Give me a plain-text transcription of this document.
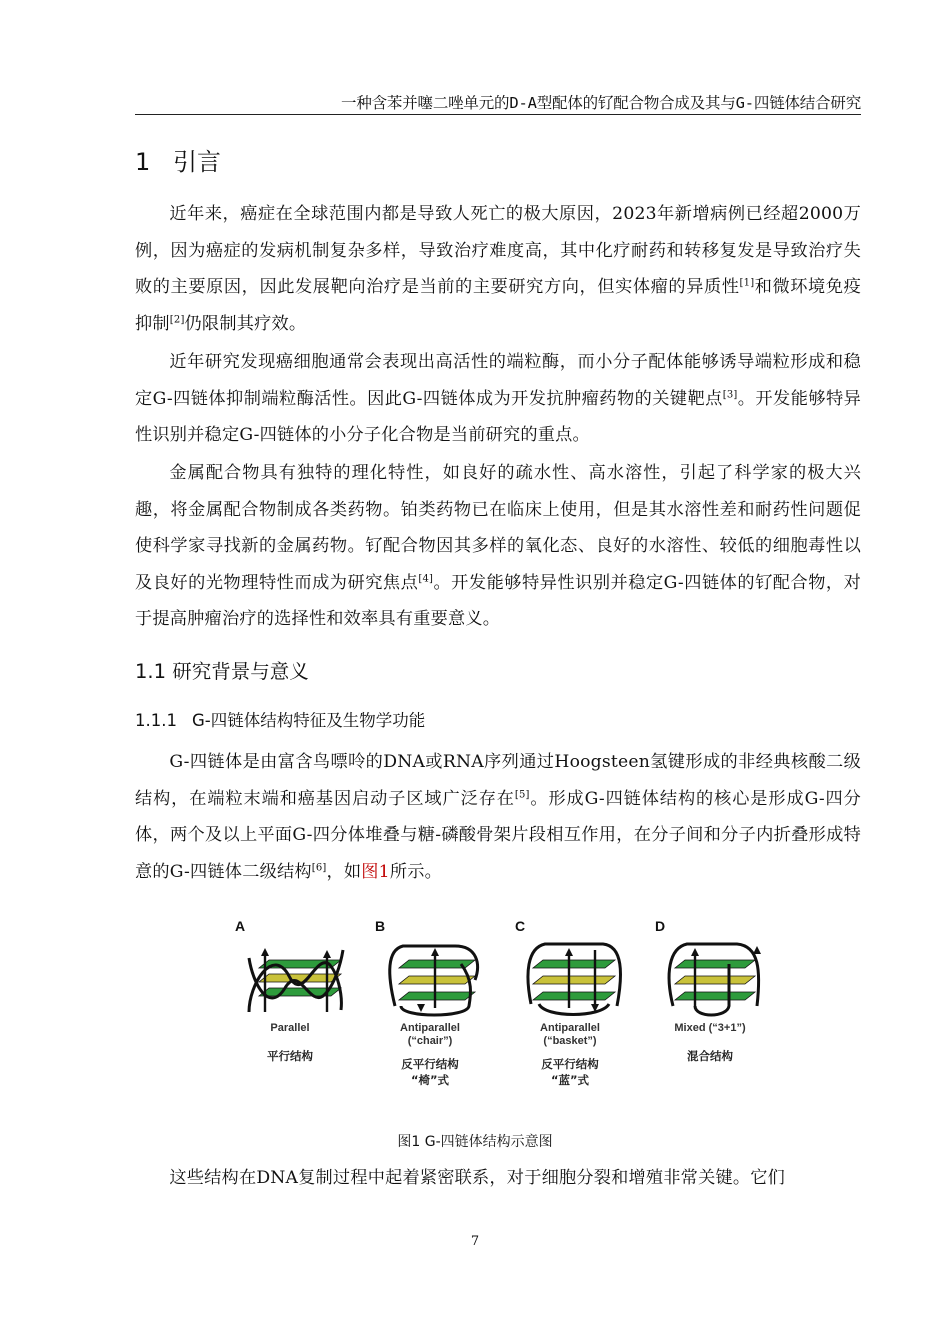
一种含苯并噻二唑单元的D-A型配体的钌配合物合成及其与G-四链体结合研究
1 引言
近年来，癌症在全球范围内都是导致人死亡的极大原因，2023年新增病例已经超2000万例，因为癌症的发病机制复杂多样，导致治疗难度高，其中化疗耐药和转移复发是导致治疗失败的主要原因，因此发展靶向治疗是当前的主要研究方向，但实体瘤的异质性[1]和微环境免疫抑制[2]仍限制其疗效。
近年研究发现癌细胞通常会表现出高活性的端粒酶，而小分子配体能够诱导端粒形成和稳定G-四链体抑制端粒酶活性。因此G-四链体成为开发抗肿瘤药物的关键靶点[3]。开发能够特异性识别并稳定G-四链体的小分子化合物是当前研究的重点。
金属配合物具有独特的理化特性，如良好的疏水性、高水溶性，引起了科学家的极大兴趣，将金属配合物制成各类药物。铂类药物已在临床上使用，但是其水溶性差和耐药性问题促使科学家寻找新的金属药物。钌配合物因其多样的氧化态、良好的水溶性、较低的细胞毒性以及良好的光物理特性而成为研究焦点[4]。开发能够特异性识别并稳定G-四链体的钌配合物，对于提高肿瘤治疗的选择性和效率具有重要意义。
1.1 研究背景与意义
1.1.1 G-四链体结构特征及生物学功能
G-四链体是由富含鸟嘌呤的DNA或RNA序列通过Hoogsteen氢键形成的非经典核酸二级结构，在端粒末端和癌基因启动子区域广泛存在[5]。形成G-四链体结构的核心是形成G-四分体，两个及以上平面G-四分体堆叠与糖-磷酸骨架片段相互作用，在分子间和分子内折叠形成特意的G-四链体二级结构[6]，如图1所示。
A
Parallel
平行结构
B
Antiparallel
(“chair”)
反平行结构
“椅”式
C
Antiparallel
(“basket”)
反平行结构
“蓝”式
D
Mixed (“3+1”)
混合结构
图1 G-四链体结构示意图
这些结构在DNA复制过程中起着紧密联系，对于细胞分裂和增殖非常关键。它们
7
